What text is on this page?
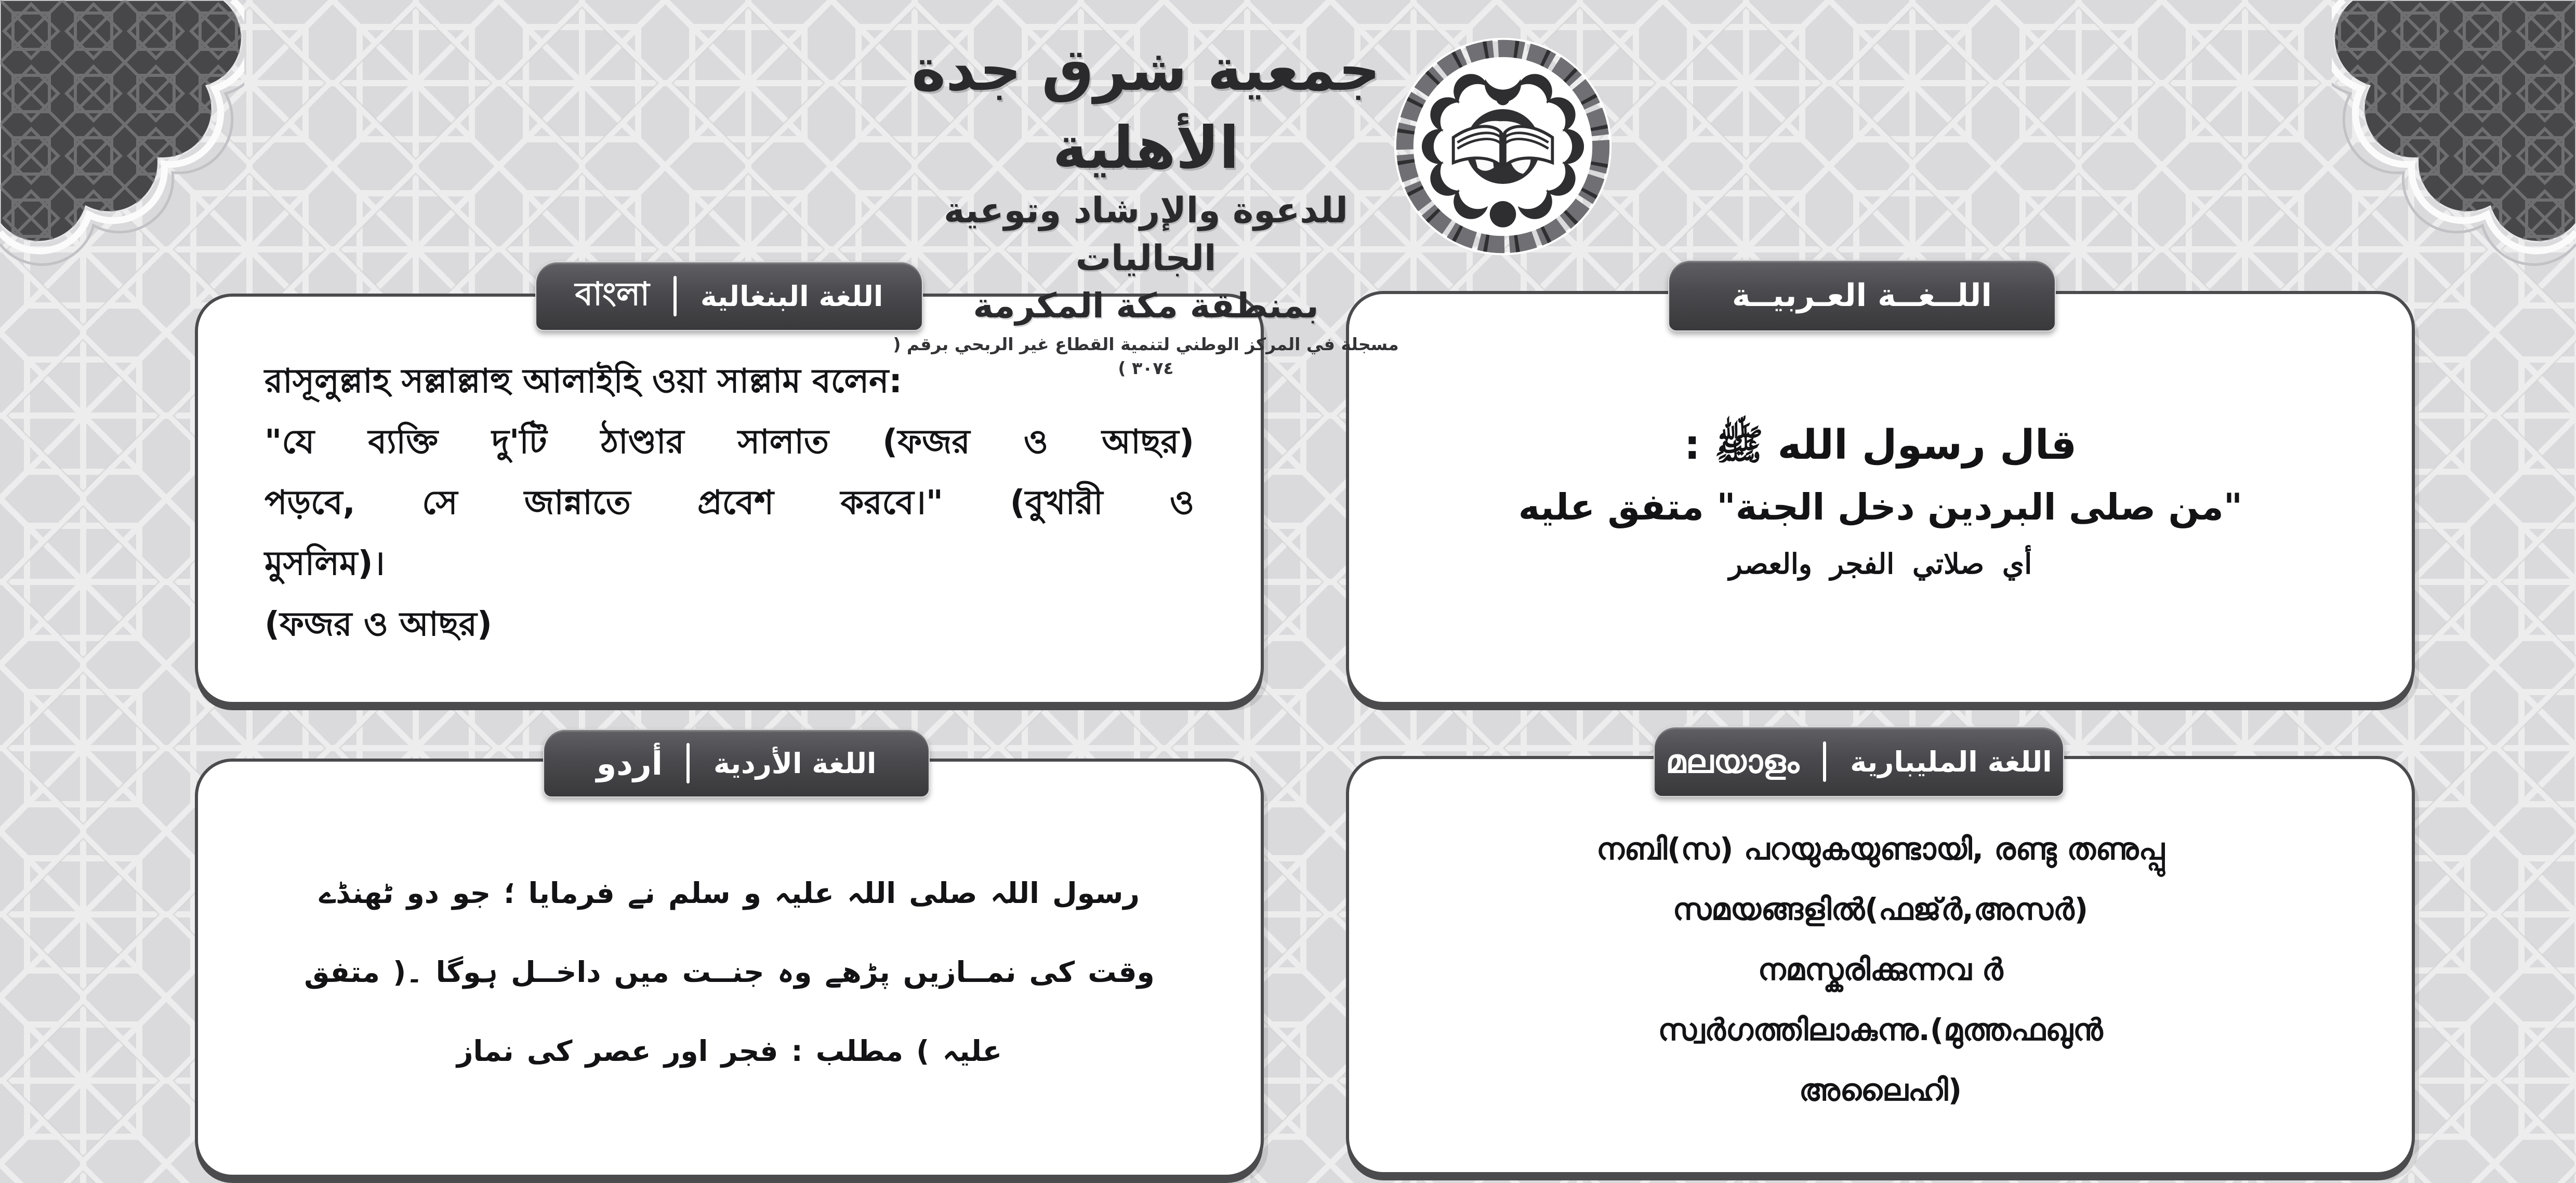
جمعية شرق جدة الأهلية
للدعوة والإرشاد وتوعية الجاليات
بمنطقة مكة المكرمة
مسجلة في المركز الوطني لتنمية القطاع غير الربحي برقم ( ٣٠٧٤ )
রাসূলুল্লাহ সল্লাল্লাহু আলাইহি ওয়া সাল্লাম বলেন:
"যে ব্যক্তি দু'টি ঠাণ্ডার সালাত (ফজর ও আছর)
পড়বে, সে জান্নাতে প্রবেশ করবে।" (বুখারী ও
মুসলিম)।
(ফজর ও আছর)
বাংলা اللغة البنغالية
قال رسول الله ﷺ :
"من صلى البردين دخل الجنة" متفق عليه
أي صلاتي الفجر والعصر
اللــغــة العـربيــة
رسول اللہ صلی اللہ علیہ و سلم نے فرمایا ؛ جو دو ٹھنڈے
وقت کی نمــازیں پڑھے وہ جنــت میں داخــل ہوگا ۔( متفق
علیہ ) مطلب : فجر اور عصر کی نماز
أردو اللغة الأردية
നബി(സ) പറയുകയുണ്ടായി, രണ്ടു തണുപ്പു
സമയങ്ങളിൽ(ഫജ്ർ,അസർ)
നമസ്കരിക്കുന്നവ ർ
സ്വർഗത്തിലാകുന്നു.(മുത്തഫഖുൻ
അലൈഹി)
മലയാളം اللغة المليبارية
